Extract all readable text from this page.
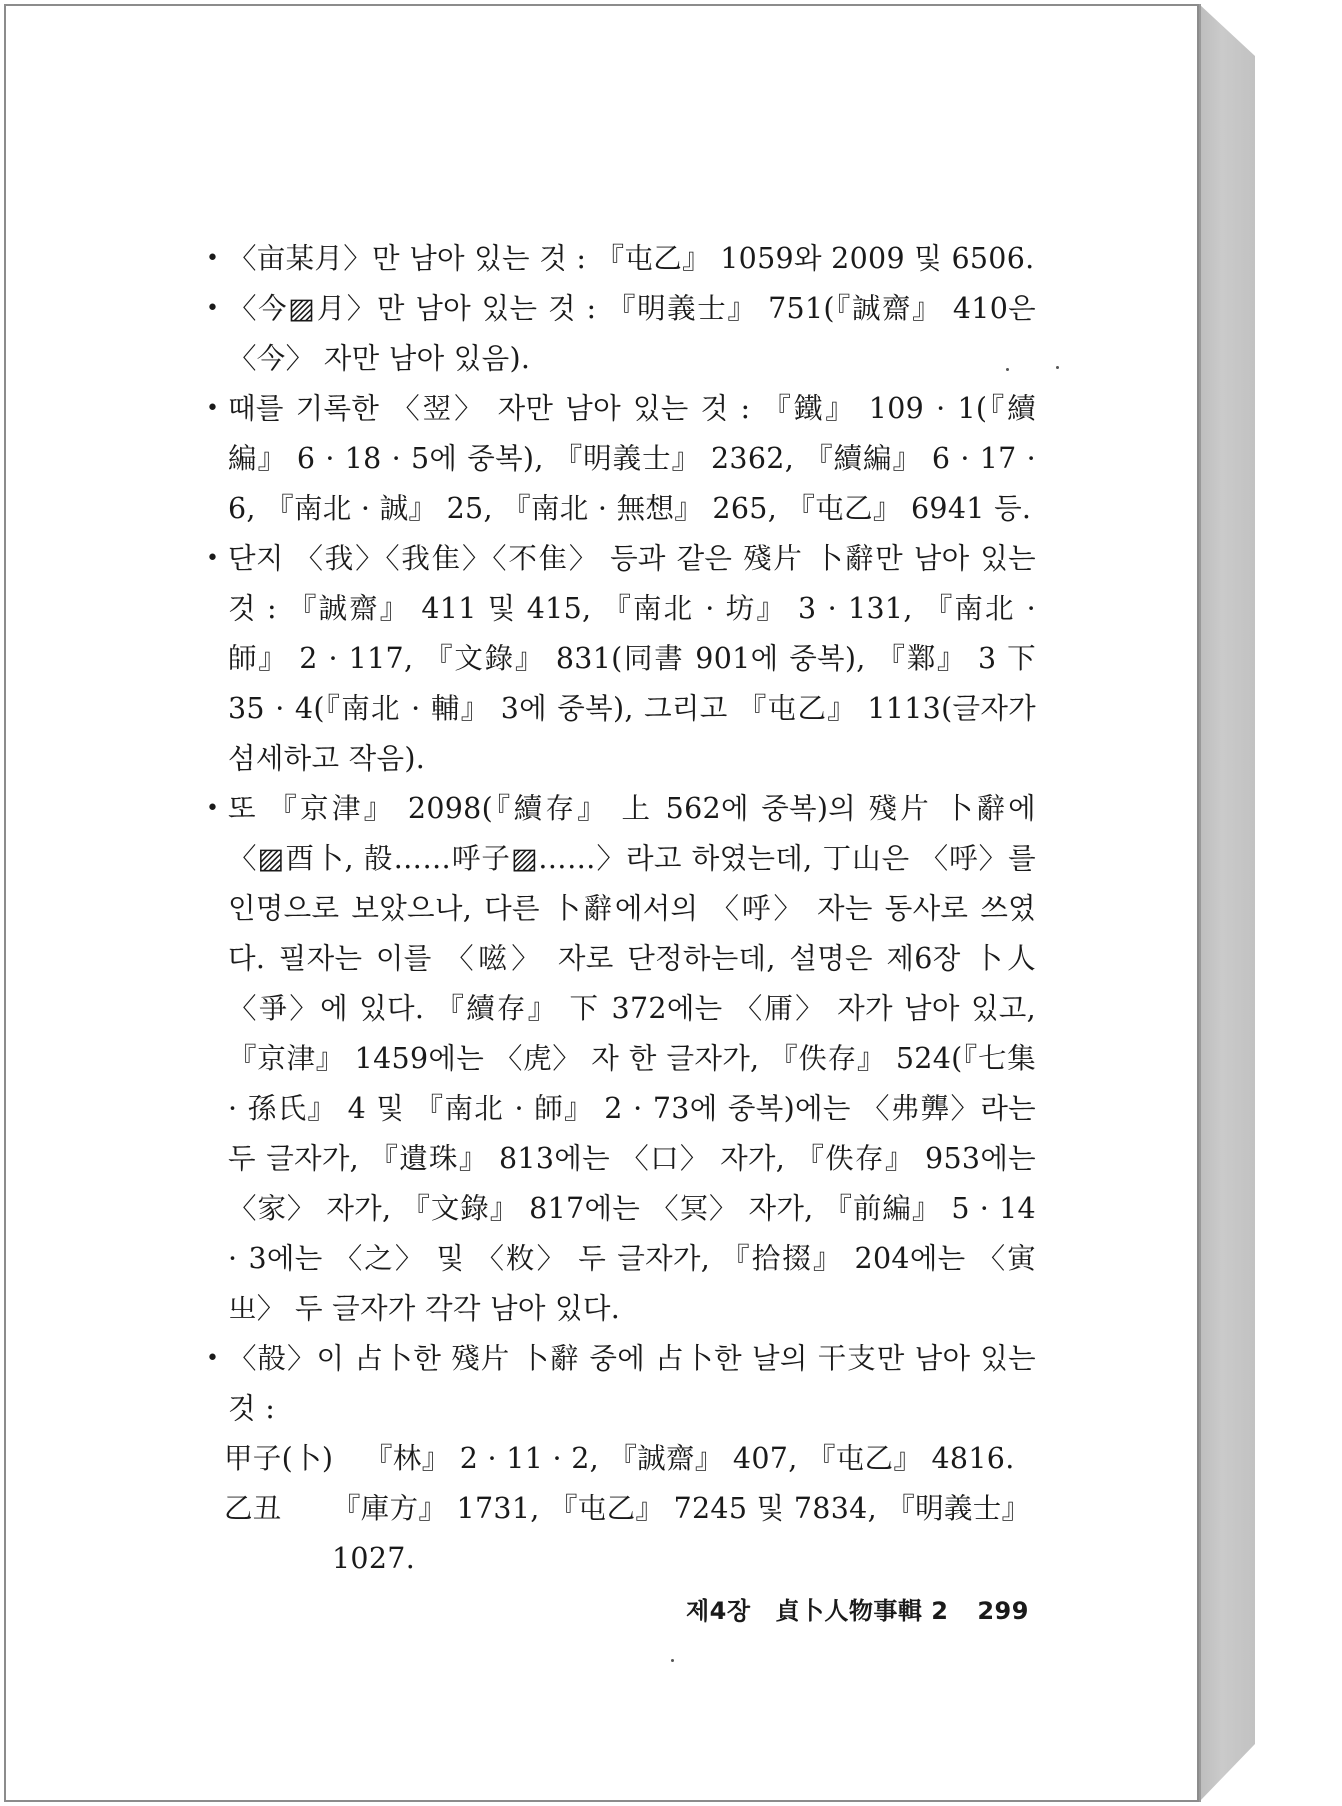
• 〈亩某月〉만 남아 있는 것 : 『屯乙』 1059와 2009 및 6506.

• 〈今▨月〉만 남아 있는 것 : 『明義士』 751(『誠齋』 410은 〈今〉 자만 남아 있음).

• 때를 기록한 〈翌〉 자만 남아 있는 것 : 『鐵』 109 · 1(『續編』 6 · 18 · 5에 중복), 『明義士』 2362, 『續編』 6 · 17 · 6, 『南北 · 誠』 25, 『南北 · 無想』 265, 『屯乙』 6941 등.

• 단지 〈我〉〈我隹〉〈不隹〉 등과 같은 殘片 卜辭만 남아 있는 것 : 『誠齋』 411 및 415, 『南北 · 坊』 3 · 131, 『南北 · 師』 2 · 117, 『文錄』 831(同書 901에 중복), 『鄴』 3 下 35 · 4(『南北 · 輔』 3에 중복), 그리고 『屯乙』 1113(글자가 섬세하고 작음).

• 또 『京津』 2098(『續存』 上 562에 중복)의 殘片 卜辭에 〈▨酉卜, 㱿……呼子▨……〉라고 하였는데, 丁山은 〈呼〉를 인명으로 보았으나, 다른 卜辭에서의 〈呼〉 자는 동사로 쓰였다. 필자는 이를 〈嗞〉 자로 단정하는데, 설명은 제6장 卜人 〈爭〉에 있다. 『續存』 下 372에는 〈㕊〉 자가 남아 있고, 『京津』 1459에는 〈虎〉 자 한 글자가, 『佚存』 524(『七集 · 孫氏』 4 및 『南北 · 師』 2 · 73에 중복)에는 〈弗龏〉라는 두 글자가, 『遺珠』 813에는 〈口〉 자가, 『佚存』 953에는 〈家〉 자가, 『文錄』 817에는 〈冥〉 자가, 『前編』 5 · 14 · 3에는 〈之〉 및 〈敉〉 두 글자가, 『拾掇』 204에는 〈寅㞢〉 두 글자가 각각 남아 있다.

• 〈㱿〉이 占卜한 殘片 卜辭 중에 占卜한 날의 干支만 남아 있는 것 :

甲子(卜)	『林』 2 · 11 · 2, 『誠齋』 407, 『屯乙』 4816.
乙丑	『庫方』 1731, 『屯乙』 7245 및 7834, 『明義士』 1027.
제4장 貞卜人物事輯 2 299
